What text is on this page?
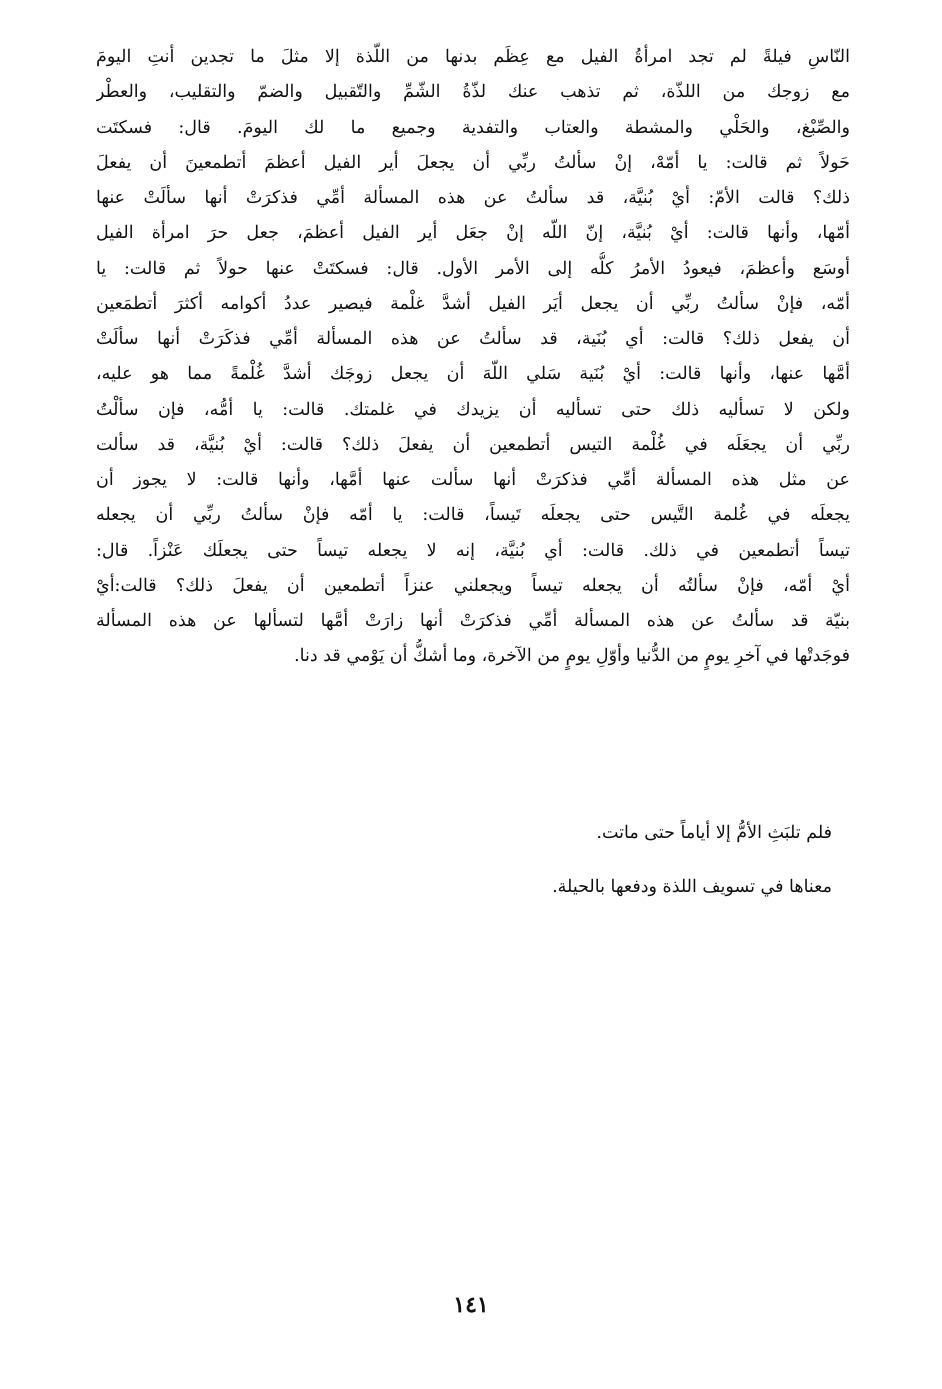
النّاسِ فيلةً لم تجد امرأةُ الفيل مع عِظَم بدنها من اللّذة إلا مثلَ ما تجدين أنتِ اليومَ
مع زوجك من اللذّة، ثم تذهب عنك لذّةُ الشّمِّ والتّقبيل والضمّ والتقليب، والعطْر
والصِّبْغ، والحَلْي والمشطة والعتاب والتفدية وجميع ما لك اليومَ. قال: فسكتَت
حَولاً ثم قالت: يا أمّهْ، إنْ سألتُ ربِّي أن يجعلَ أير الفيل أعظمَ أتطمعينَ أن يفعلَ
ذلك؟ قالت الأمّ: أيْ بُنيَّة، قد سألتُ عن هذه المسألة أمِّي فذكرَتْ أنها سألَتْ عنها
أمّها، وأنها قالت: أيْ بُنيَّة، إنّ اللّه إنْ جعَل أير الفيل أعظمَ، جعل حرَ امرأة الفيل
أوسَع وأعظمَ، فيعودُ الأمرُ كلُّه إلى الأمر الأول. قال: فسكتَتْ عنها حولاً ثم قالت: يا
أمّه، فإنْ سألتُ ربِّي أن يجعل أيَر الفيل أشدَّ غلْمة فيصير عددُ أكوامه أكثرَ أتطمَعين
أن يفعل ذلك؟ قالت: أي بُنَية، قد سألتُ عن هذه المسألة أمِّي فذكَرَتْ أنها سألَتْ
أمَّها عنها، وأنها قالت: أيْ بُنَية سَلي اللّهَ أن يجعل زوجَك أشدَّ غُلْمةً مما هو عليه،
ولكن لا تسأليه ذلك حتى تسأليه أن يزيدك في غلمتك. قالت: يا أمُّه، فإن سألْتُ
ربِّي أن يجعَلَه في غُلْمة التيس أتطمعين أن يفعلَ ذلك؟ قالت: أيْ بُنيَّة، قد سألت
عن مثل هذه المسألة أمِّي فذكرَتْ أنها سألت عنها أمَّها، وأنها قالت: لا يجوز أن
يجعلَه في غُلمة التَّيس حتى يجعلَه تَيساً، قالت: يا أمّه فإنْ سألتُ ربِّي أن يجعله
تيساً أتطمعين في ذلك. قالت: أي بُنيَّة، إنه لا يجعله تيساً حتى يجعلَك عَنْزاً. قال:
أيْ أمّه، فإنْ سألتُه أن يجعله تيساً ويجعلني عنزاً أتطمعين أن يفعلَ ذلك؟ قالت:أيْ
بنيّة قد سألتُ عن هذه المسألة أمِّي فذكرَتْ أنها زارَتْ أمَّها لتسألها عن هذه المسألة
فوجَدتْها في آخرِ يومٍ من الدُّنيا وأوّلِ يومٍ من الآخرة، وما أشكُّ أن يَوْمي قد دنا.
فلم تلبَثِ الأمُّ إلا أياماً حتى ماتت.
معناها في تسويف اللذة ودفعها بالحيلة.
١٤١
